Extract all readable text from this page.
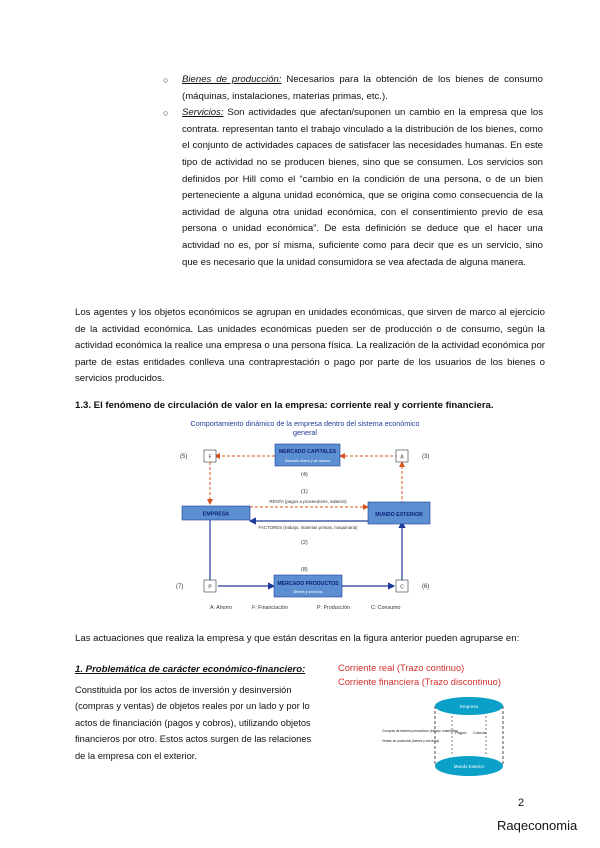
○ Bienes de producción: Necesarios para la obtención de los bienes de consumo (máquinas, instalaciones, materias primas, etc.).
○ Servicios: Son actividades que afectan/suponen un cambio en la empresa que los contrata. representan tanto el trabajo vinculado a la distribución de los bienes, como el conjunto de actividades capaces de satisfacer las necesidades humanas. En este tipo de actividad no se producen bienes, sino que se consumen. Los servicios son definidos por Hill como el “cambio en la condición de una persona, o de un bien perteneciente a alguna unidad económica, que se origina como consecuencia de la actividad de alguna otra unidad económica, con el consentimiento previo de esa persona o unidad económica”. De esta definición se deduce que el hacer una actividad no es, por sí misma, suficiente como para decir que es un servicio, sino que es necesario que la unidad consumidora se vea afectada de alguna manera.
Los agentes y los objetos económicos se agrupan en unidades económicas, que sirven de marco al ejercicio de la actividad económica. Las unidades económicas pueden ser de producción o de consumo, según la actividad económica la realice una empresa o una persona física. La realización de la actividad económica por parte de estas entidades conlleva una contraprestación o pago por parte de los usuarios de los bienes o servicios producidos.
1.3. El fenómeno de circulación de valor en la empresa: corriente real y corriente financiera.
Comportamiento dinámico de la empresa dentro del sistema económico
general
MERCADO CAPITALES
Mercado dinero y de valores
EMPRESA	MUNDO EXTERIOR
MERCADO PRODUCTOS
Bienes y servicios
F	A
P	C
(5)	(3)
(4)
(1)
(2)
(8)
(7)	(6)
RENTA (pagos a proveedores, salarios)
FACTORES (trabajo, materias primas, maquinaria)
A: Ahorro	F: Financiación	P: Producción	C: Consumo
Las actuaciones que realiza la empresa y que están descritas en la figura anterior pueden agruparse en:
1. Problemática de carácter económico-financiero:
Constituida por los actos de inversión y desinversión (compras y ventas) de objetos reales por un lado y por lo actos de financiación (pagos y cobros), utilizando objetos financieros por otro. Estos actos surgen de las relaciones de la empresa con el exterior.
Corriente real (Trazo continuo)
Corriente financiera (Trazo discontinuo)
Empresa
Mundo Exterior
Pagos Cobros
Compras de factores productivos (trabajo, materiales)
Ventas de productos (bienes y servicios)
2
Raqeconomia
